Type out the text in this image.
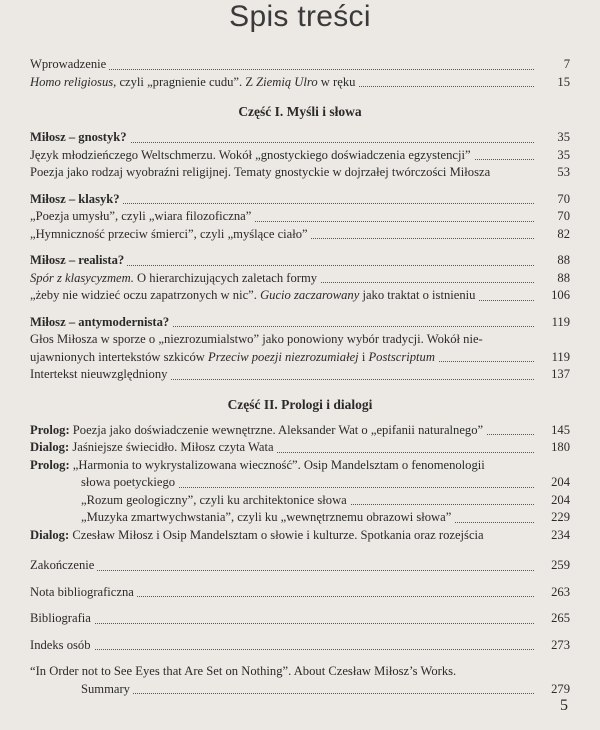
Spis treści
Wprowadzenie	7
Homo religiosus, czyli „pragnienie cudu”. Z Ziemią Ulro w ręku	15
Część I. Myśli i słowa
Miłosz – gnostyk?	35
Język młodzieńczego Weltschmerzu. Wokół „gnostyckiego doświadczenia egzystencji”	35
Poezja jako rodzaj wyobraźni religijnej. Tematy gnostyckie w dojrzałej twórczości Miłosza	53
Miłosz – klasyk?	70
„Poezja umysłu”, czyli „wiara filozoficzna”	70
„Hymniczność przeciw śmierci”, czyli „myślące ciało”	82
Miłosz – realista?	88
Spór z klasycyzmem. O hierarchizujących zaletach formy	88
„żeby nie widzieć oczu zapatrzonych w nic”. Gucio zaczarowany jako traktat o istnieniu	106
Miłosz – antymodernista?	119
Głos Miłosza w sporze o „niezrozumialstwo” jako ponowiony wybór tradycji. Wokół nie-
ujawnionych intertekstów szkiców Przeciw poezji niezrozumiałej i Postscriptum	119
Intertekst nieuwzględniony	137
Część II. Prologi i dialogi
Prolog: Poezja jako doświadczenie wewnętrzne. Aleksander Wat o „epifanii naturalnego”	145
Dialog: Jaśniejsze świecidło. Miłosz czyta Wata	180
Prolog: „Harmonia to wykrystalizowana wieczność”. Osip Mandelsztam o fenomenologii
słowa poetyckiego	204
„Rozum geologiczny”, czyli ku architektonice słowa	204
„Muzyka zmartwychwstania”, czyli ku „wewnętrznemu obrazowi słowa”	229
Dialog: Czesław Miłosz i Osip Mandelsztam o słowie i kulturze. Spotkania oraz rozejścia	234
Zakończenie	259
Nota bibliograficzna	263
Bibliografia	265
Indeks osób	273
“In Order not to See Eyes that Are Set on Nothing”. About Czesław Miłosz’s Works.
Summary	279
5
